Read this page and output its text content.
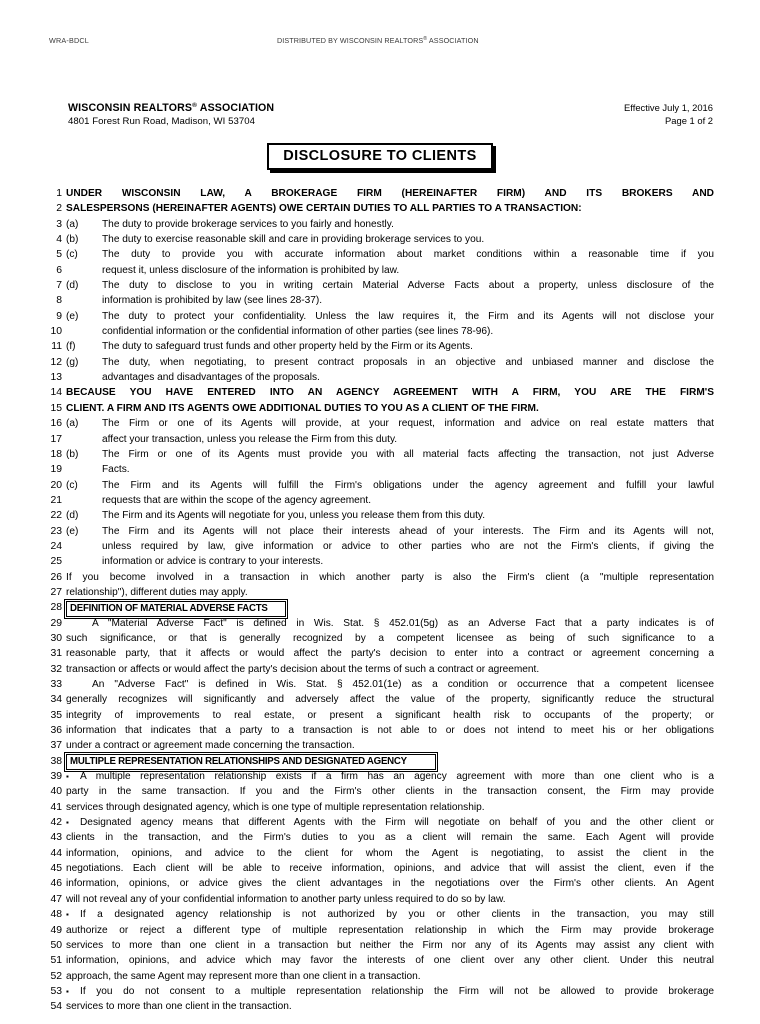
WRA-BDCL	DISTRIBUTED BY WISCONSIN REALTORS® ASSOCIATION
WISCONSIN REALTORS® ASSOCIATION
4801 Forest Run Road, Madison, WI 53704
Effective July 1, 2016
Page 1 of 2
DISCLOSURE TO CLIENTS
1 UNDER WISCONSIN LAW, A BROKERAGE FIRM (HEREINAFTER FIRM) AND ITS BROKERS AND
2 SALESPERSONS (HEREINAFTER AGENTS) OWE CERTAIN DUTIES TO ALL PARTIES TO A TRANSACTION:
3 (a)	The duty to provide brokerage services to you fairly and honestly.
4 (b)	The duty to exercise reasonable skill and care in providing brokerage services to you.
5 (c)	The duty to provide you with accurate information about market conditions within a reasonable time if you
6	request it, unless disclosure of the information is prohibited by law.
7 (d)	The duty to disclose to you in writing certain Material Adverse Facts about a property, unless disclosure of the
8	information is prohibited by law (see lines 28-37).
9 (e)	The duty to protect your confidentiality. Unless the law requires it, the Firm and its Agents will not disclose your
10	confidential information or the confidential information of other parties (see lines 78-96).
11 (f)	The duty to safeguard trust funds and other property held by the Firm or its Agents.
12 (g)	The duty, when negotiating, to present contract proposals in an objective and unbiased manner and disclose the
13	advantages and disadvantages of the proposals.
14 BECAUSE YOU HAVE ENTERED INTO AN AGENCY AGREEMENT WITH A FIRM, YOU ARE THE FIRM'S
15 CLIENT. A FIRM AND ITS AGENTS OWE ADDITIONAL DUTIES TO YOU AS A CLIENT OF THE FIRM.
16 (a)	The Firm or one of its Agents will provide, at your request, information and advice on real estate matters that
17	affect your transaction, unless you release the Firm from this duty.
18 (b)	The Firm or one of its Agents must provide you with all material facts affecting the transaction, not just Adverse
19	Facts.
20 (c)	The Firm and its Agents will fulfill the Firm's obligations under the agency agreement and fulfill your lawful
21	requests that are within the scope of the agency agreement.
22 (d)	The Firm and its Agents will negotiate for you, unless you release them from this duty.
23 (e)	The Firm and its Agents will not place their interests ahead of your interests. The Firm and its Agents will not,
24	unless required by law, give information or advice to other parties who are not the Firm's clients, if giving the
25	information or advice is contrary to your interests.
26 If you become involved in a transaction in which another party is also the Firm's client (a "multiple representation
27 relationship"), different duties may apply.
28 DEFINITION OF MATERIAL ADVERSE FACTS
29	A "Material Adverse Fact" is defined in Wis. Stat. § 452.01(5g) as an Adverse Fact that a party indicates is of
30 such significance, or that is generally recognized by a competent licensee as being of such significance to a
31 reasonable party, that it affects or would affect the party's decision to enter into a contract or agreement concerning a
32 transaction or affects or would affect the party's decision about the terms of such a contract or agreement.
33	An "Adverse Fact" is defined in Wis. Stat. § 452.01(1e) as a condition or occurrence that a competent licensee
34 generally recognizes will significantly and adversely affect the value of the property, significantly reduce the structural
35 integrity of improvements to real estate, or present a significant health risk to occupants of the property; or
36 information that indicates that a party to a transaction is not able to or does not intend to meet his or her obligations
37 under a contract or agreement made concerning the transaction.
38 MULTIPLE REPRESENTATION RELATIONSHIPS AND DESIGNATED AGENCY
39 ▪	A multiple representation relationship exists if a firm has an agency agreement with more than one client who is a
40 party in the same transaction. If you and the Firm's other clients in the transaction consent, the Firm may provide
41 services through designated agency, which is one type of multiple representation relationship.
42 ▪	Designated agency means that different Agents with the Firm will negotiate on behalf of you and the other client or
43 clients in the transaction, and the Firm's duties to you as a client will remain the same. Each Agent will provide
44 information, opinions, and advice to the client for whom the Agent is negotiating, to assist the client in the
45 negotiations. Each client will be able to receive information, opinions, and advice that will assist the client, even if the
46 information, opinions, or advice gives the client advantages in the negotiations over the Firm's other clients. An Agent
47 will not reveal any of your confidential information to another party unless required to do so by law.
48 ▪	If a designated agency relationship is not authorized by you or other clients in the transaction, you may still
49 authorize or reject a different type of multiple representation relationship in which the Firm may provide brokerage
50 services to more than one client in a transaction but neither the Firm nor any of its Agents may assist any client with
51 information, opinions, and advice which may favor the interests of one client over any other client. Under this neutral
52 approach, the same Agent may represent more than one client in a transaction.
53 ▪	If you do not consent to a multiple representation relationship the Firm will not be allowed to provide brokerage
54 services to more than one client in the transaction.
